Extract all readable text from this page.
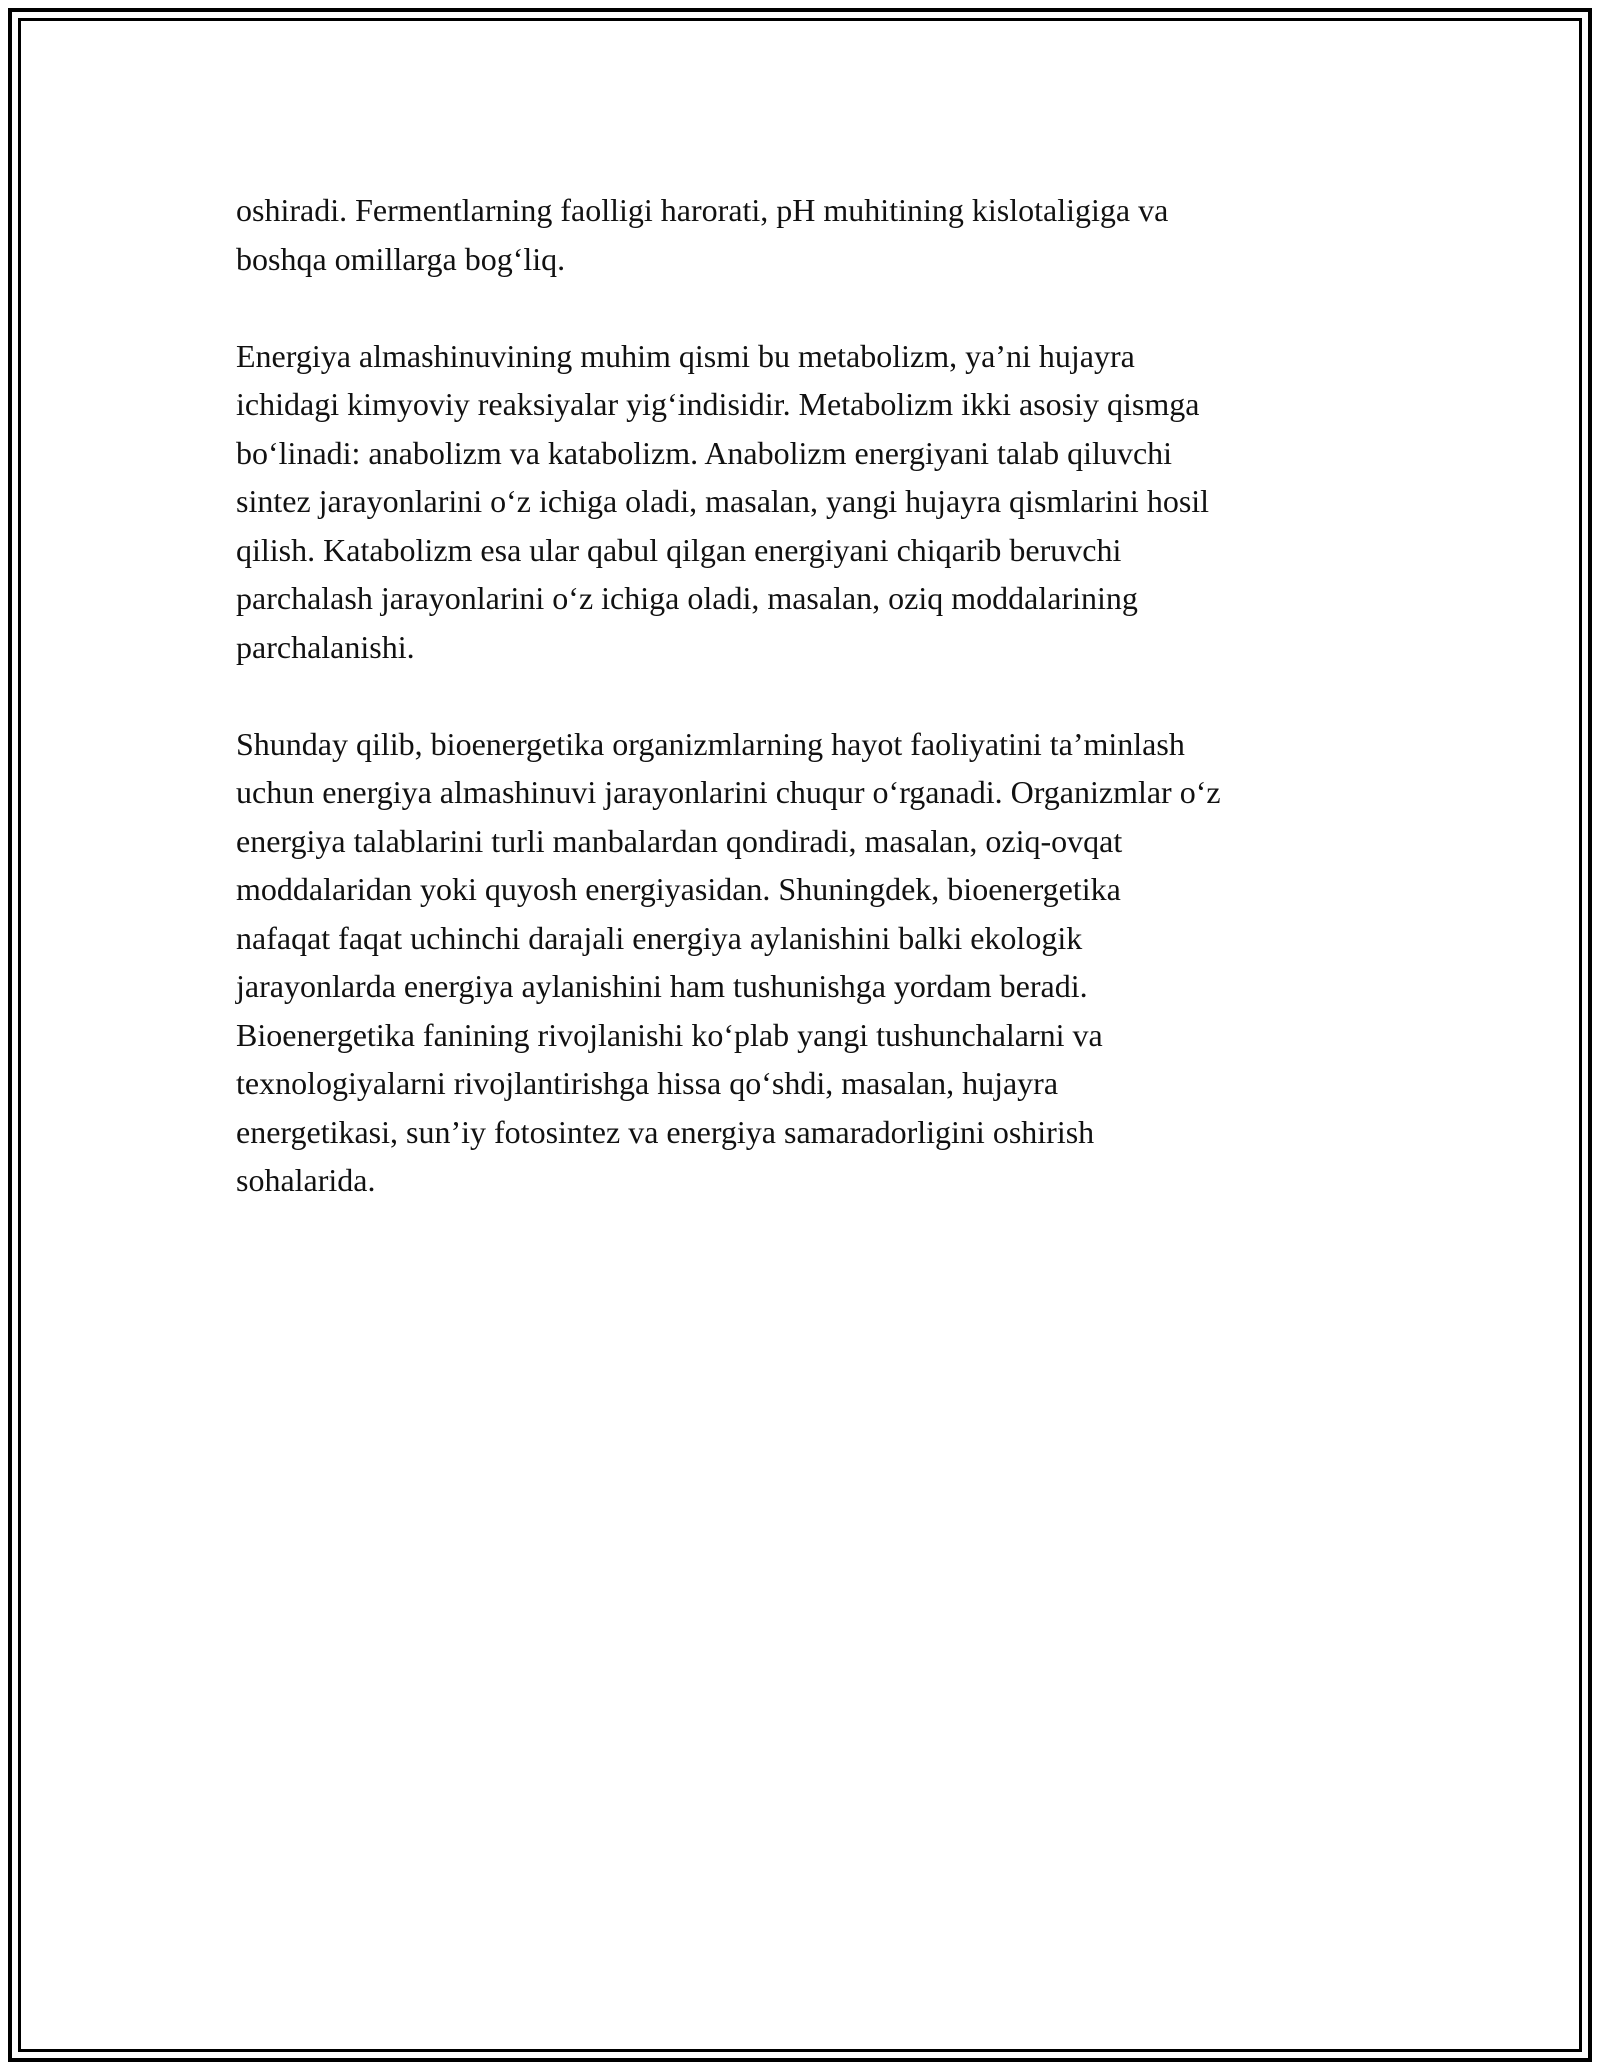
oshiradi. Fermentlarning faolligi harorati, pH muhitining kislotaligiga va
boshqa omillarga bog‘liq.

Energiya almashinuvining muhim qismi bu metabolizm, ya’ni hujayra
ichidagi kimyoviy reaksiyalar yig‘indisidir. Metabolizm ikki asosiy qismga
bo‘linadi: anabolizm va katabolizm. Anabolizm energiyani talab qiluvchi
sintez jarayonlarini o‘z ichiga oladi, masalan, yangi hujayra qismlarini hosil
qilish. Katabolizm esa ular qabul qilgan energiyani chiqarib beruvchi
parchalash jarayonlarini o‘z ichiga oladi, masalan, oziq moddalarining
parchalanishi.

Shunday qilib, bioenergetika organizmlarning hayot faoliyatini ta’minlash
uchun energiya almashinuvi jarayonlarini chuqur o‘rganadi. Organizmlar o‘z
energiya talablarini turli manbalardan qondiradi, masalan, oziq-ovqat
moddalaridan yoki quyosh energiyasidan. Shuningdek, bioenergetika
nafaqat faqat uchinchi darajali energiya aylanishini balki ekologik
jarayonlarda energiya aylanishini ham tushunishga yordam beradi.
Bioenergetika fanining rivojlanishi ko‘plab yangi tushunchalarni va
texnologiyalarni rivojlantirishga hissa qo‘shdi, masalan, hujayra
energetikasi, sun’iy fotosintez va energiya samaradorligini oshirish
sohalarida.
